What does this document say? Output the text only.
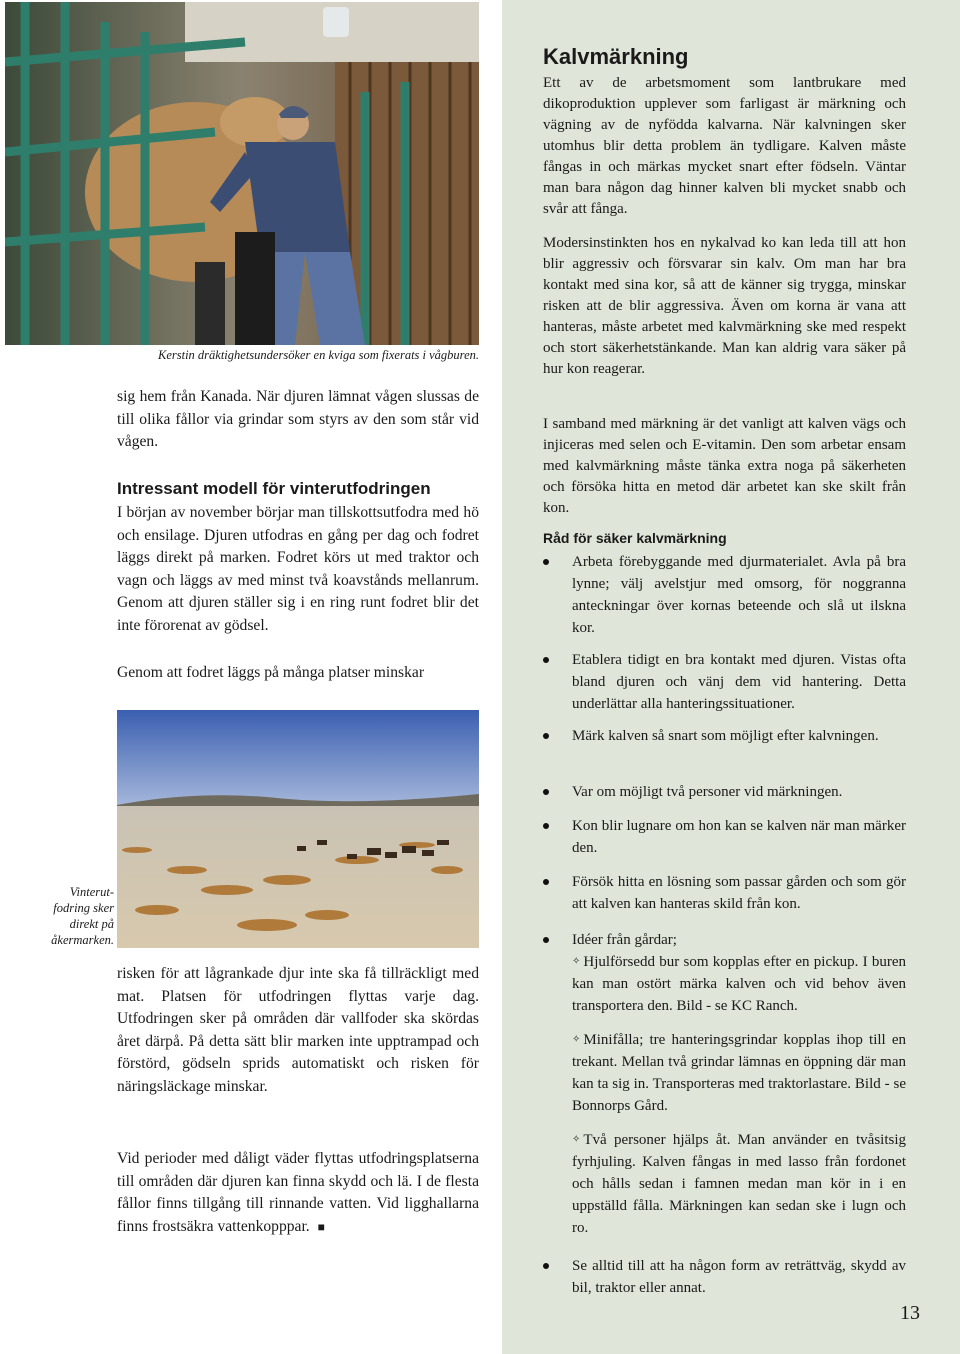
Kerstin dräktighetsundersöker en kviga som fixerats i vågburen.
sig hem från Kanada. När djuren lämnat vågen slussas de till olika fållor via grindar som styrs av den som står vid vågen.
Intressant modell för vinterutfodringen
I början av november börjar man tillskottsutfodra med hö och ensilage. Djuren utfodras en gång per dag och fodret läggs direkt på marken. Fodret körs ut med traktor och vagn och läggs av med minst två koavstånds mellanrum. Genom att djuren ställer sig i en ring runt fodret blir det inte förorenat av gödsel.
Genom att fodret läggs på många platser minskar
Vinterut-
fodring sker
direkt på
åkermarken.
risken för att lågrankade djur inte ska få tillräckligt med mat. Platsen för utfodringen flyttas varje dag. Utfodringen sker på områden där vallfoder ska skördas året därpå. På detta sätt blir marken inte upptrampad och förstörd, gödseln sprids automatiskt och risken för näringsläckage minskar.
Vid perioder med dåligt väder flyttas utfodringsplatserna till områden där djuren kan finna skydd och lä. I de flesta fållor finns tillgång till rinnande vatten. Vid ligghallarna finns frostsäkra vattenkopppar. ■
Kalvmärkning

Ett av de arbetsmoment som lantbrukare med dikoproduktion upplever som farligast är märkning och vägning av de nyfödda kalvarna. När kalvningen sker utomhus blir detta problem än tydligare. Kalven måste fångas in och märkas mycket snart efter födseln. Väntar man bara någon dag hinner kalven bli mycket snabb och svår att fånga.

Modersinstinkten hos en nykalvad ko kan leda till att hon blir aggressiv och försvarar sin kalv. Om man har bra kontakt med sina kor, så att de känner sig trygga, minskar risken att de blir aggressiva. Även om korna är vana att hanteras, måste arbetet med kalvmärkning ske med respekt och stort säkerhetstänkande. Man kan aldrig vara säker på hur kon reagerar.

I samband med märkning är det vanligt att kalven vägs och injiceras med selen och E-vitamin. Den som arbetar ensam med kalvmärkning måste tänka extra noga på säkerheten och försöka hitta en metod där arbetet kan ske skilt från kon.

Råd för säker kalvmärkning
Arbeta förebyggande med djurmaterialet. Avla på bra lynne; välj avelstjur med omsorg, för noggranna anteckningar över kornas beteende och slå ut ilskna kor.
Etablera tidigt en bra kontakt med djuren. Vistas ofta bland djuren och vänj dem vid hantering. Detta underlättar alla hanteringssituationer.
Märk kalven så snart som möjligt efter kalvningen.
Var om möjligt två personer vid märkningen.
Kon blir lugnare om hon kan se kalven när man märker den.
Försök hitta en lösning som passar gården och som gör att kalven kan hanteras skild från kon.
Idéer från gårdar;

✧ Hjulförsedd bur som kopplas efter en pickup. I buren kan man ostört märka kalven och vid behov även transportera den. Bild - se KC Ranch.

✧ Minifålla; tre hanteringsgrindar kopplas ihop till en trekant. Mellan två grindar lämnas en öppning där man kan ta sig in. Transporteras med traktorlastare. Bild - se Bonnorps Gård.

✧ Två personer hjälps åt. Man använder en tvåsitsig fyrhjuling. Kalven fångas in med lasso från fordonet och hålls sedan i famnen medan man kör in i en uppställd fålla. Märkningen kan sedan ske i lugn och ro.

Se alltid till att ha någon form av reträttväg, skydd av bil, traktor eller annat.
13
